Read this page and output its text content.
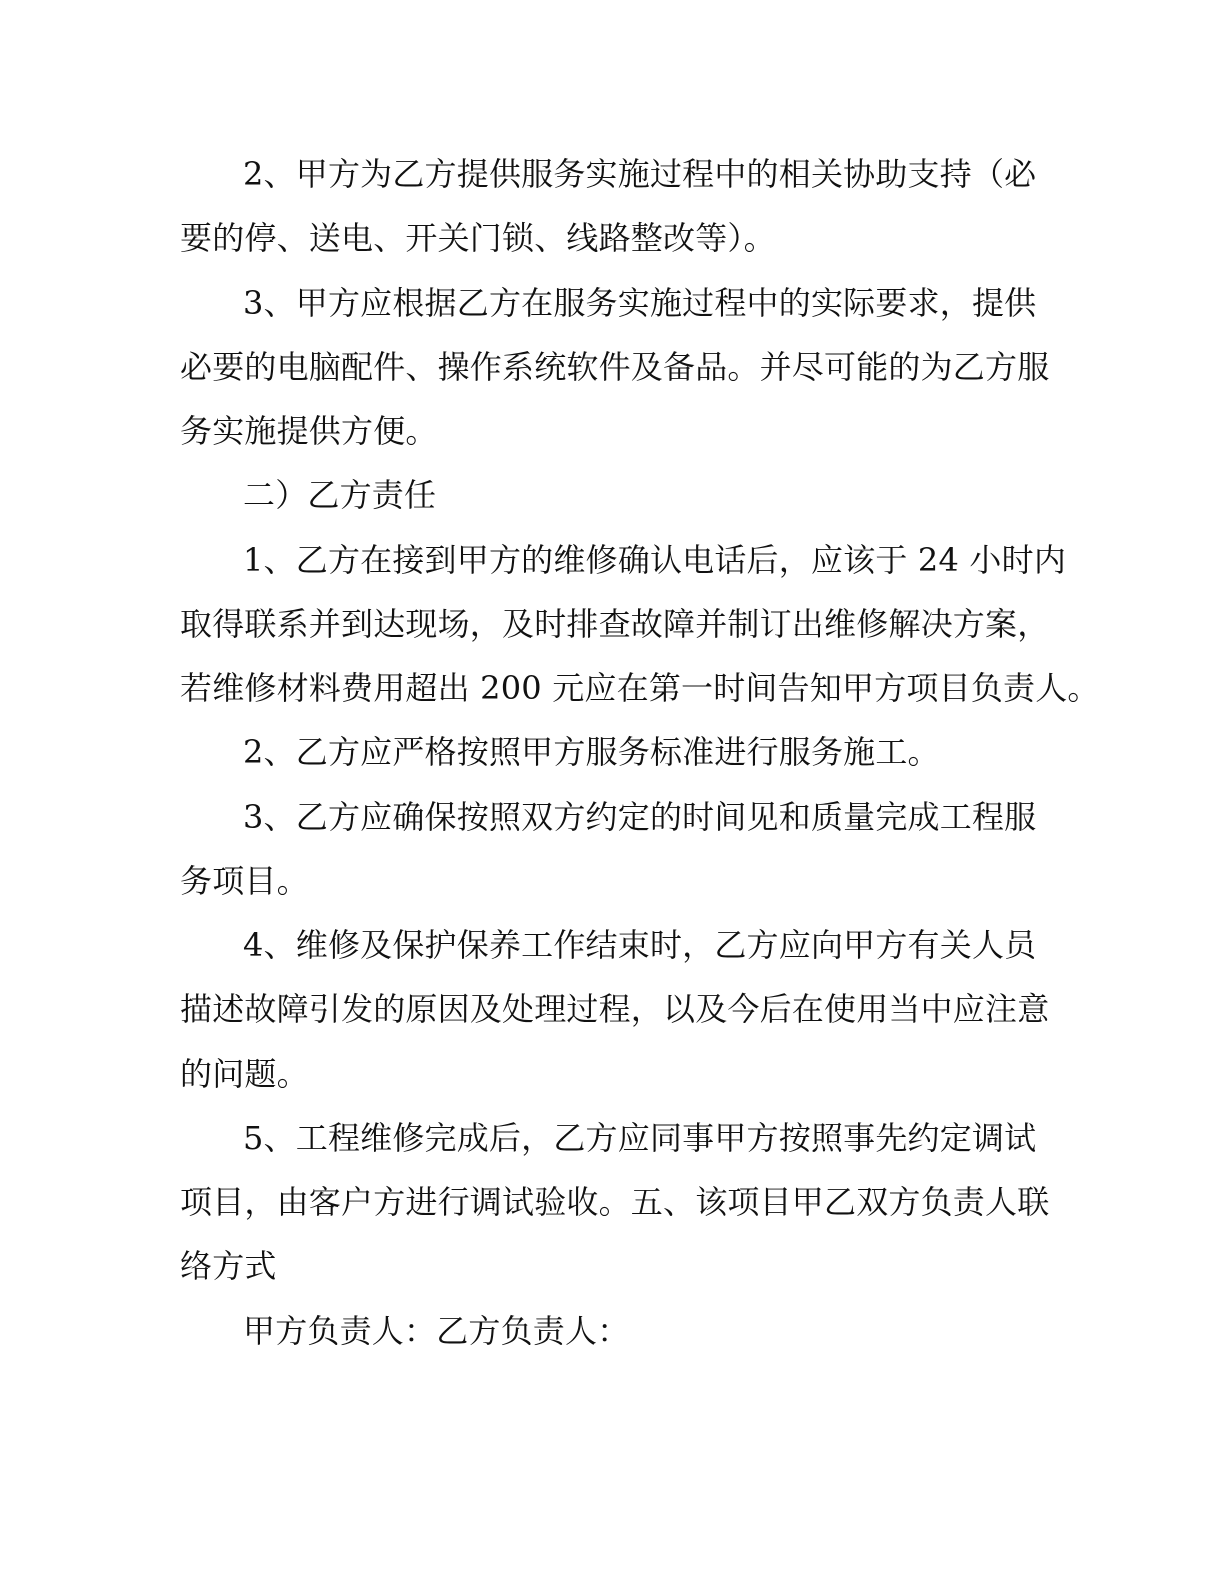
2、甲方为乙方提供服务实施过程中的相关协助支持（必
要的停、送电、开关门锁、线路整改等）。
3、甲方应根据乙方在服务实施过程中的实际要求，提供
必要的电脑配件、操作系统软件及备品。并尽可能的为乙方服
务实施提供方便。
二）乙方责任
1、乙方在接到甲方的维修确认电话后，应该于 24 小时内
取得联系并到达现场，及时排查故障并制订出维修解决方案，
若维修材料费用超出 200 元应在第一时间告知甲方项目负责人。
2、乙方应严格按照甲方服务标准进行服务施工。
3、乙方应确保按照双方约定的时间见和质量完成工程服
务项目。
4、维修及保护保养工作结束时，乙方应向甲方有关人员
描述故障引发的原因及处理过程，以及今后在使用当中应注意
的问题。
5、工程维修完成后，乙方应同事甲方按照事先约定调试
项目，由客户方进行调试验收。五、该项目甲乙双方负责人联
络方式
甲方负责人：乙方负责人：
